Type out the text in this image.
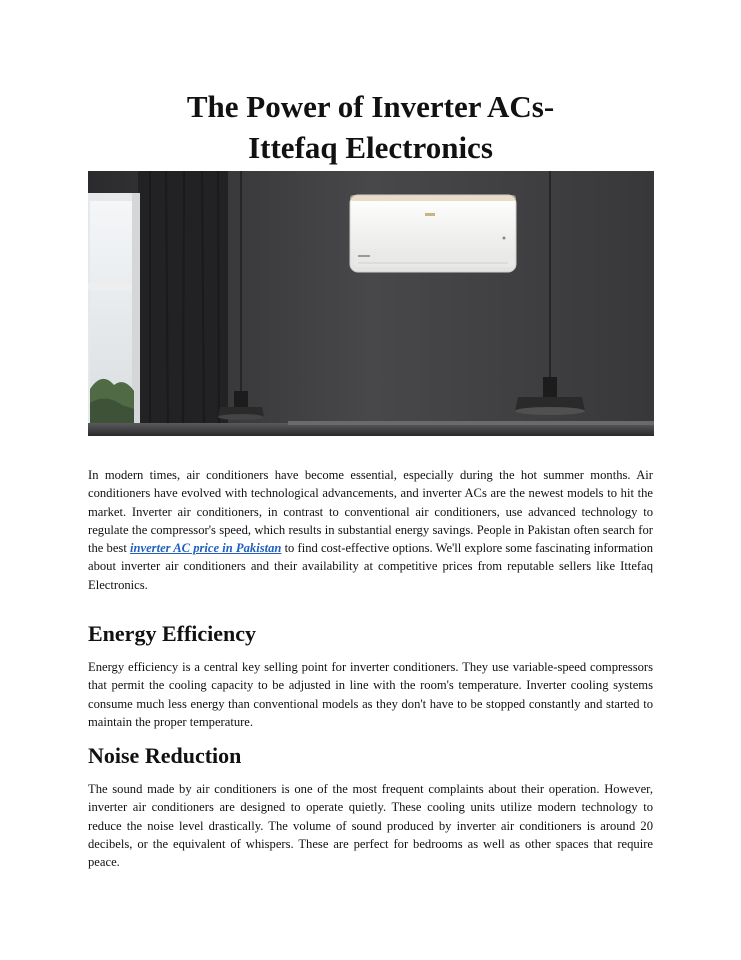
The Power of Inverter ACs-
Ittefaq Electronics
In modern times, air conditioners have become essential, especially during the hot summer months. Air conditioners have evolved with technological advancements, and inverter ACs are the newest models to hit the market. Inverter air conditioners, in contrast to conventional air conditioners, use advanced technology to regulate the compressor's speed, which results in substantial energy savings. People in Pakistan often search for the best inverter AC price in Pakistan to find cost-effective options. We'll explore some fascinating information about inverter air conditioners and their availability at competitive prices from reputable sellers like Ittefaq Electronics.
Energy Efficiency
Energy efficiency is a central key selling point for inverter conditioners. They use variable-speed compressors that permit the cooling capacity to be adjusted in line with the room's temperature. Inverter cooling systems consume much less energy than conventional models as they don't have to be stopped constantly and started to maintain the proper temperature.
Noise Reduction
The sound made by air conditioners is one of the most frequent complaints about their operation. However, inverter air conditioners are designed to operate quietly. These cooling units utilize modern technology to reduce the noise level drastically. The volume of sound produced by inverter air conditioners is around 20 decibels, or the equivalent of whispers. These are perfect for bedrooms as well as other spaces that require peace.
